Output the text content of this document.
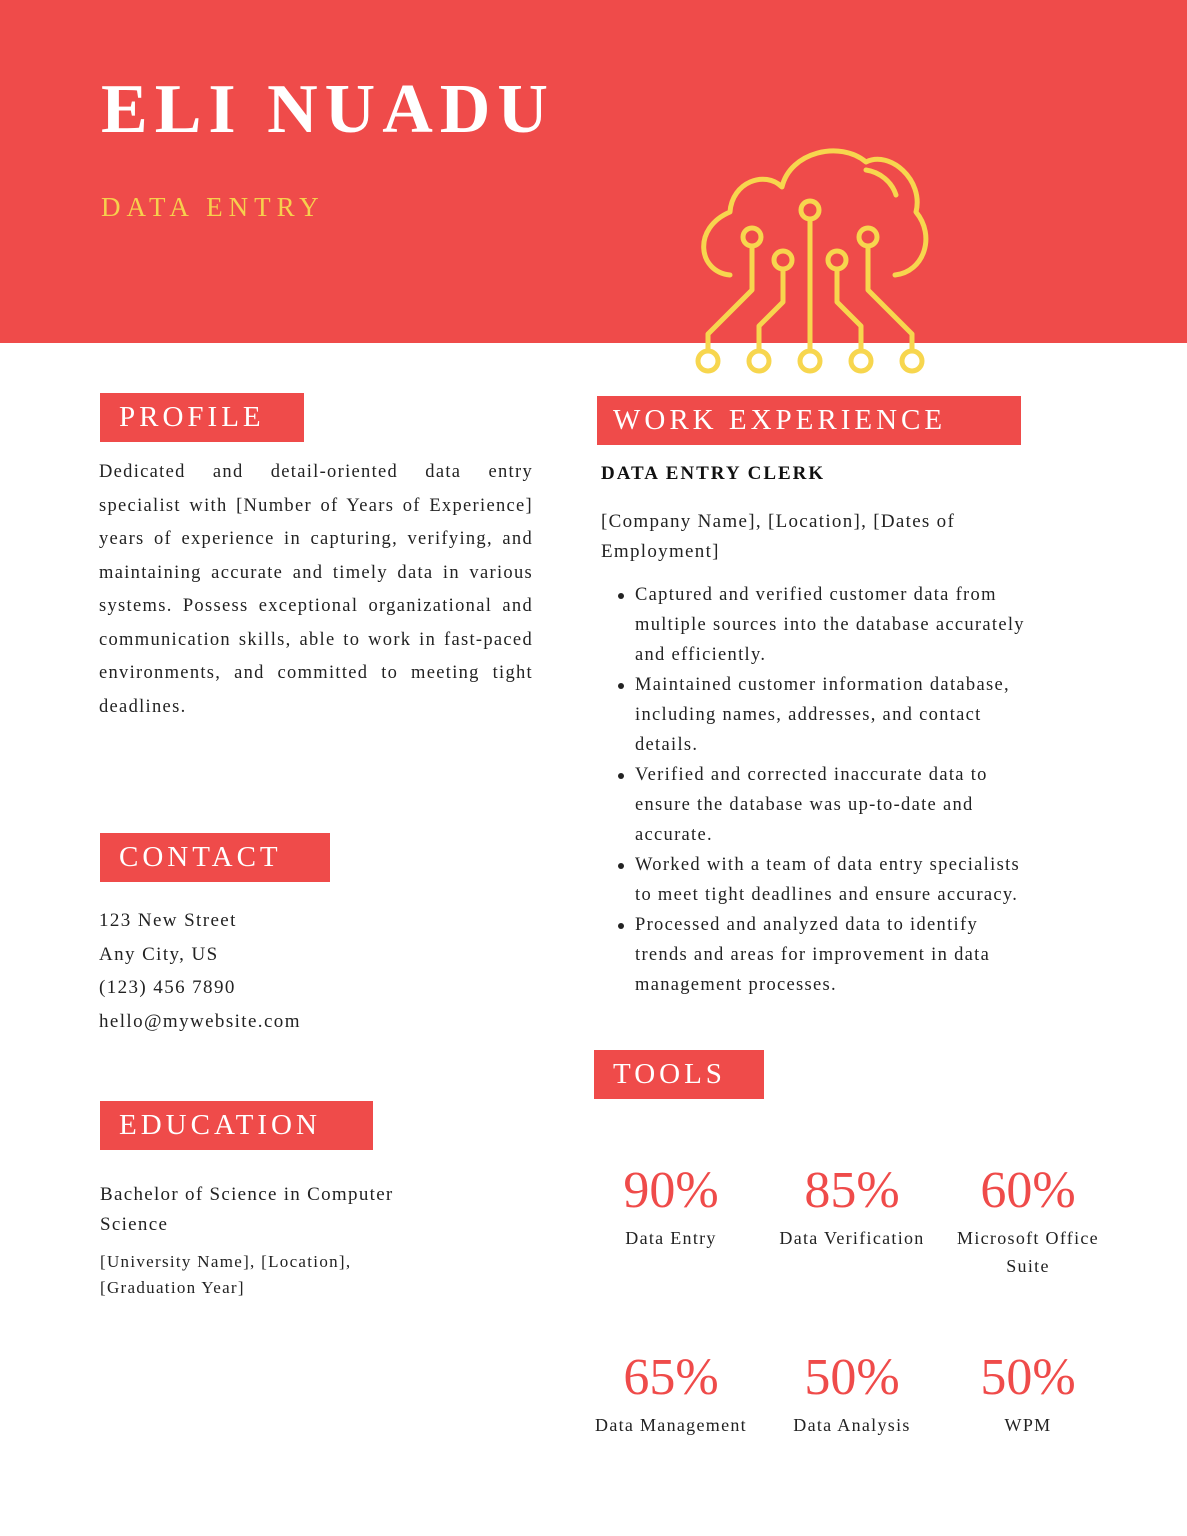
ELI NUADU

DATA ENTRY

PROFILE

Dedicated and detail-oriented data entry specialist with [Number of Years of Experience] years of experience in capturing, verifying, and maintaining accurate and timely data in various systems. Possess exceptional organizational and communication skills, able to work in fast-paced environments, and committed to meeting tight deadlines.

CONTACT
123 New Street
Any City, US
(123) 456 7890
hello@mywebsite.com
EDUCATION

Bachelor of Science in Computer Science

[University Name], [Location], [Graduation Year]

WORK EXPERIENCE

DATA ENTRY CLERK

[Company Name], [Location], [Dates of Employment]

Captured and verified customer data from multiple sources into the database accurately and efficiently.
Maintained customer information database, including names, addresses, and contact details.
Verified and corrected inaccurate data to ensure the database was up-to-date and accurate.
Worked with a team of data entry specialists to meet tight deadlines and ensure accuracy.
Processed and analyzed data to identify trends and areas for improvement in data management processes.
TOOLS
90%
Data Entry
85%
Data Verification
60%
Microsoft Office Suite
65%
Data Management
50%
Data Analysis
50%
WPM
